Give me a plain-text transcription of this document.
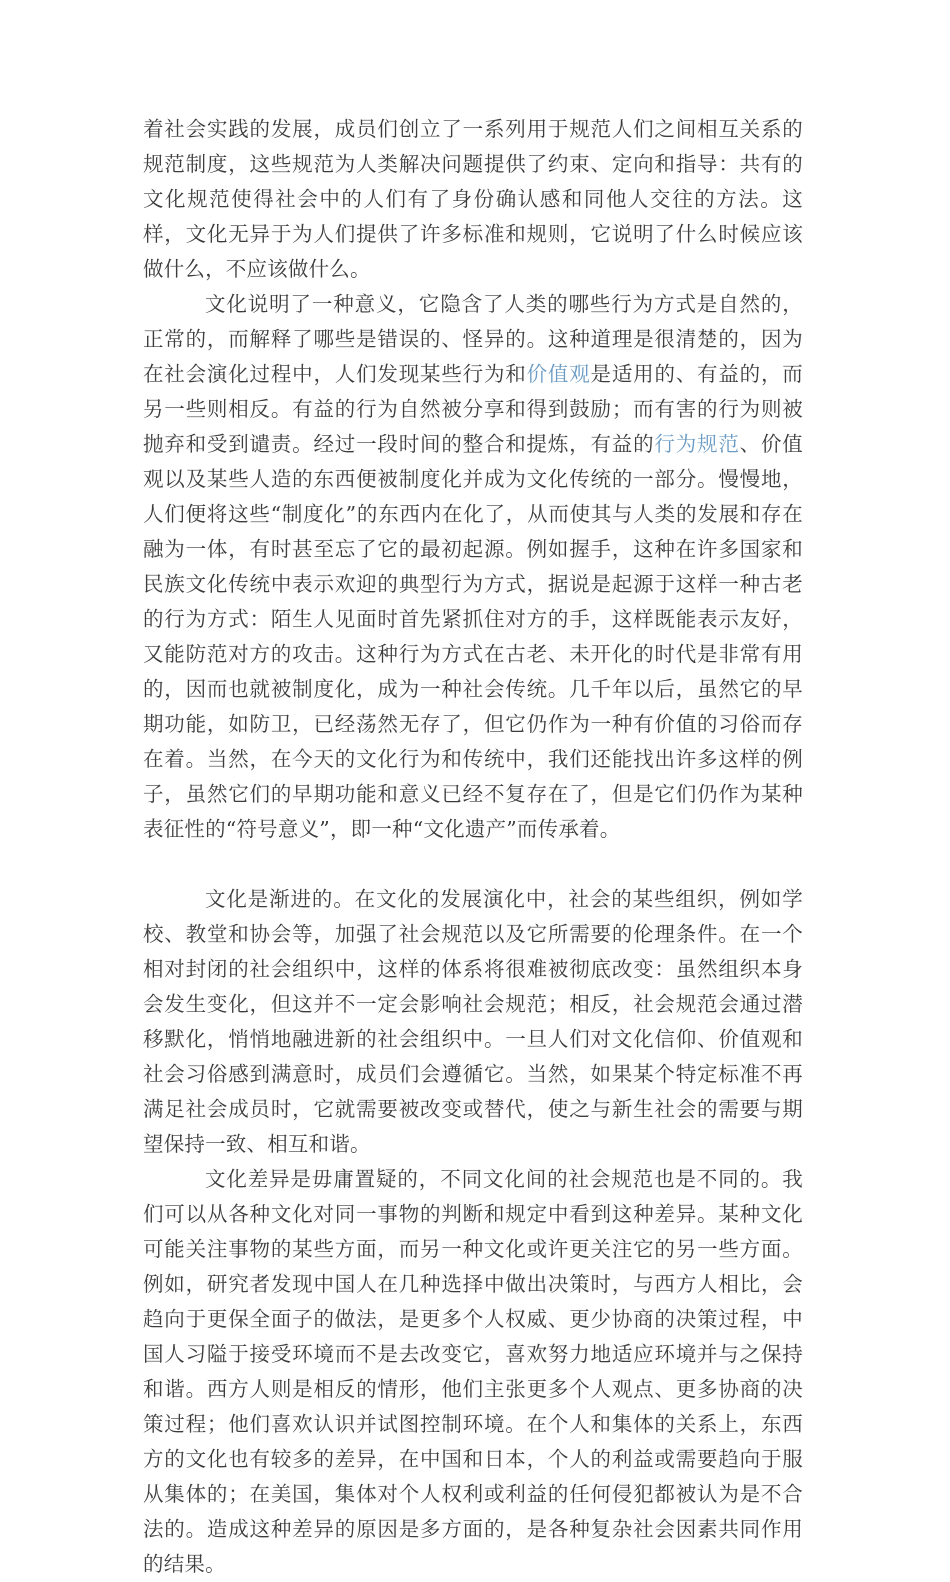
着社会实践的发展，成员们创立了一系列用于规范人们之间相互关系的规范制度，这些规范为人类解决问题提供了约束、定向和指导：共有的文化规范使得社会中的人们有了身份确认感和同他人交往的方法。这样，文化无异于为人们提供了许多标准和规则，它说明了什么时候应该做什么，不应该做什么。

文化说明了一种意义，它隐含了人类的哪些行为方式是自然的，正常的，而解释了哪些是错误的、怪异的。这种道理是很清楚的，因为在社会演化过程中，人们发现某些行为和价值观是适用的、有益的，而另一些则相反。有益的行为自然被分享和得到鼓励；而有害的行为则被抛弃和受到谴责。经过一段时间的整合和提炼，有益的行为规范、价值观以及某些人造的东西便被制度化并成为文化传统的一部分。慢慢地，人们便将这些“制度化”的东西内在化了，从而使其与人类的发展和存在融为一体，有时甚至忘了它的最初起源。例如握手，这种在许多国家和民族文化传统中表示欢迎的典型行为方式，据说是起源于这样一种古老的行为方式：陌生人见面时首先紧抓住对方的手，这样既能表示友好，又能防范对方的攻击。这种行为方式在古老、未开化的时代是非常有用的，因而也就被制度化，成为一种社会传统。几千年以后，虽然它的早期功能，如防卫，已经荡然无存了，但它仍作为一种有价值的习俗而存在着。当然，在今天的文化行为和传统中，我们还能找出许多这样的例子，虽然它们的早期功能和意义已经不复存在了，但是它们仍作为某种表征性的“符号意义”，即一种“文化遗产”而传承着。

文化是渐进的。在文化的发展演化中，社会的某些组织，例如学校、教堂和协会等，加强了社会规范以及它所需要的伦理条件。在一个相对封闭的社会组织中，这样的体系将很难被彻底改变：虽然组织本身会发生变化，但这并不一定会影响社会规范；相反，社会规范会通过潜移默化，悄悄地融进新的社会组织中。一旦人们对文化信仰、价值观和社会习俗感到满意时，成员们会遵循它。当然，如果某个特定标准不再满足社会成员时，它就需要被改变或替代，使之与新生社会的需要与期望保持一致、相互和谐。

文化差异是毋庸置疑的，不同文化间的社会规范也是不同的。我们可以从各种文化对同一事物的判断和规定中看到这种差异。某种文化可能关注事物的某些方面，而另一种文化或许更关注它的另一些方面。例如，研究者发现中国人在几种选择中做出决策时，与西方人相比，会趋向于更保全面子的做法，是更多个人权威、更少协商的决策过程，中国人习隘于接受环境而不是去改变它，喜欢努力地适应环境并与之保持和谐。西方人则是相反的情形，他们主张更多个人观点、更多协商的决策过程；他们喜欢认识并试图控制环境。在个人和集体的关系上，东西方的文化也有较多的差异，在中国和日本，个人的利益或需要趋向于服从集体的；在美国，集体对个人权利或利益的任何侵犯都被认为是不合法的。造成这种差异的原因是多方面的，是各种复杂社会因素共同作用的结果。
